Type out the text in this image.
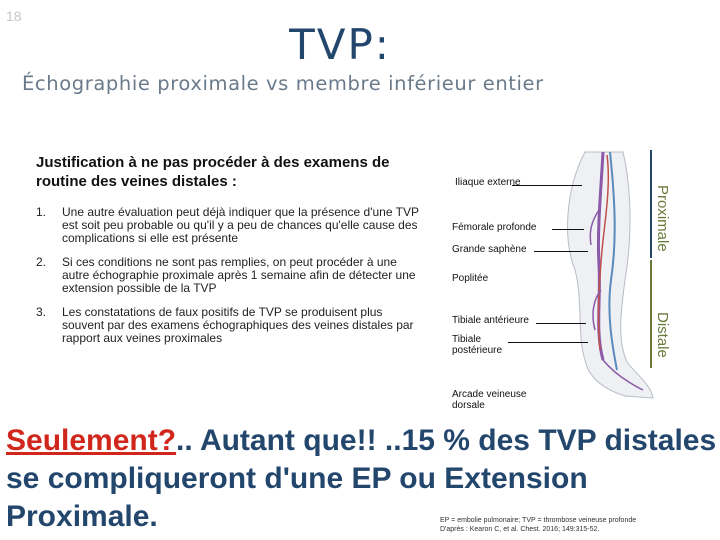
18
TVP:
Échographie proximale vs membre inférieur entier
Justification à ne pas procéder à des examens de routine des veines distales :
1. Une autre évaluation peut déjà indiquer que la présence d'une TVP est soit peu probable ou qu'il y a peu de chances qu'elle cause des complications si elle est présente
2. Si ces conditions ne sont pas remplies, on peut procéder à une autre échographie proximale après 1 semaine afin de détecter une extension possible de la TVP
3. Les constatations de faux positifs de TVP se produisent plus souvent par des examens échographiques des veines distales par rapport aux veines proximales
Iliaque externe
Fémorale profonde
Grande saphène
Poplitée
Tibiale antérieure
Tibiale postérieure
Arcade veineuse dorsale
Proximale
Distale
Seulement?.. Autant que!! ..15 % des TVP distales se compliqueront d'une EP ou Extension Proximale.	EP = embolie pulmonaire; TVP = thrombose veineuse profonde
D'après : Kearon C, et al. Chest. 2016; 149:315-52.
